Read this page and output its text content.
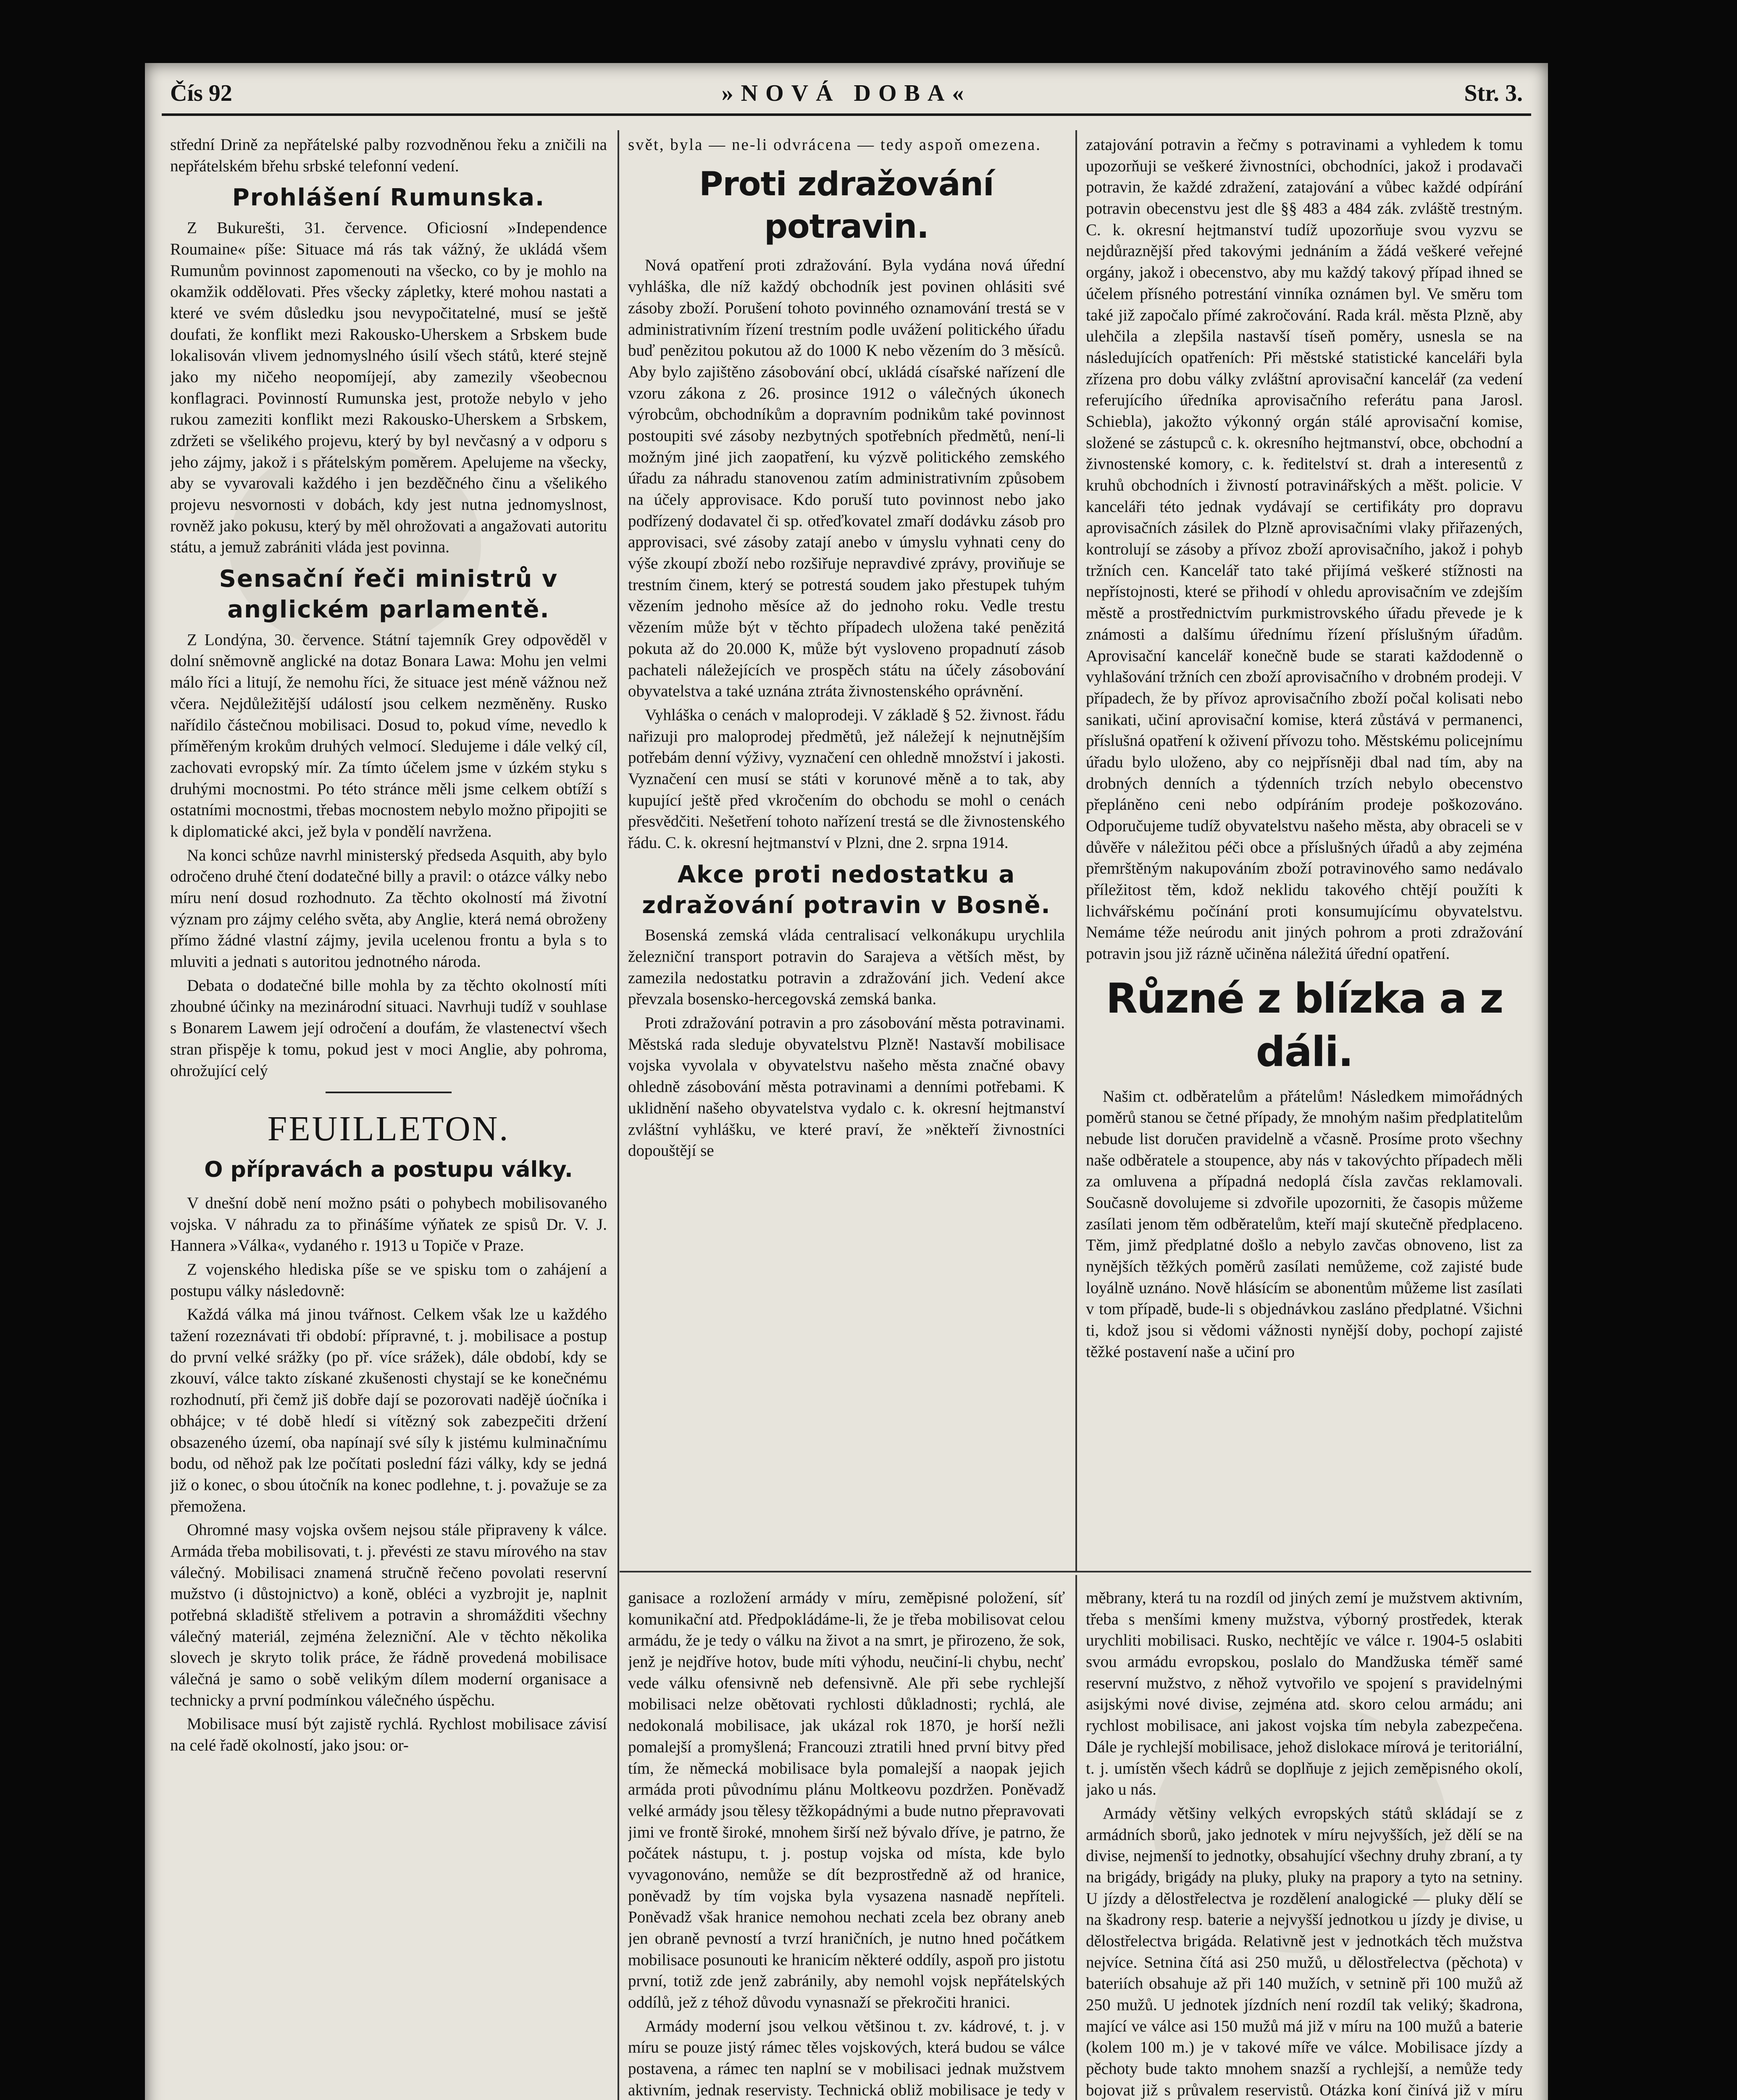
Čís 92	»NOVÁ DOBA«	Str. 3.

střední Drině za nepřátelské palby rozvodněnou řeku a zničili na nepřátelském břehu srbské telefonní vedení.

Prohlášení Rumunska.

Z Bukurešti, 31. července. Oficiosní »Independence Roumaine« píše: Situace má rás tak vážný, že ukládá všem Rumunům povinnost zapomenouti na všecko, co by je mohlo na okamžik oddělovati. Přes všecky zápletky, které mohou nastati a které ve svém důsledku jsou nevypočitatelné, musí se ještě doufati, že konflikt mezi Rakousko-Uherskem a Srbskem bude lokalisován vlivem jednomyslného úsilí všech států, které stejně jako my ničeho neopomíjejí, aby zamezily všeobecnou konflagraci. Povinností Rumunska jest, protože nebylo v jeho rukou zameziti konflikt mezi Rakousko-Uherskem a Srbskem, zdržeti se všelikého projevu, který by byl nevčasný a v odporu s jeho zájmy, jakož i s přátelským poměrem. Apelujeme na všecky, aby se vyvarovali každého i jen bezděčného činu a všelikého projevu nesvornosti v dobách, kdy jest nutna jednomyslnost, rovněž jako pokusu, který by měl ohrožovati a angažovati autoritu státu, a jemuž zabrániti vláda jest povinna.

Sensační řeči ministrů v anglickém parlamentě.

Z Londýna, 30. července. Státní tajemník Grey odpověděl v dolní sněmovně anglické na dotaz Bonara Lawa: Mohu jen velmi málo říci a litují, že nemohu říci, že situace jest méně vážnou než včera. Nejdůležitější událostí jsou celkem nezměněny. Rusko nařídilo částečnou mobilisaci. Dosud to, pokud víme, nevedlo k příměřeným krokům druhých velmocí. Sledujeme i dále velký cíl, zachovati evropský mír. Za tímto účelem jsme v úzkém styku s druhými mocnostmi. Po této stránce měli jsme celkem obtíží s ostatními mocnostmi, třebas mocnostem nebylo možno připojiti se k diplomatické akci, jež byla v pondělí navržena.

Na konci schůze navrhl ministerský předseda Asquith, aby bylo odročeno druhé čtení dodatečné billy a pravil: o otázce války nebo míru není dosud rozhodnuto. Za těchto okolností má životní význam pro zájmy celého světa, aby Anglie, která nemá obroženy přímo žádné vlastní zájmy, jevila ucelenou frontu a byla s to mluviti a jednati s autoritou jednotného národa.

Debata o dodatečné bille mohla by za těchto okolností míti zhoubné účinky na mezinárodní situaci. Navrhuji tudíž v souhlase s Bonarem Lawem její odročení a doufám, že vlastenectví všech stran přispěje k tomu, pokud jest v moci Anglie, aby pohroma, ohrožující celý

FEUILLETON.
O přípravách a postupu války.

V dnešní době není možno psáti o pohybech mobilisovaného vojska. V náhradu za to přinášíme výňatek ze spisů Dr. V. J. Hannera »Válka«, vydaného r. 1913 u Topiče v Praze.

Z vojenského hlediska píše se ve spisku tom o zahájení a postupu války následovně:

Každá válka má jinou tvářnost. Celkem však lze u každého tažení rozeznávati tři období: přípravné, t. j. mobilisace a postup do první velké srážky (po př. více srážek), dále období, kdy se zkouví, válce takto získané zkušenosti chystají se ke konečnému rozhodnutí, při čemž jiš dobře dají se pozorovati nadějě úočníka i obhájce; v té době hledí si vítězný sok zabezpečiti držení obsazeného území, oba napínají své síly k jistému kulminačnímu bodu, od něhož pak lze počítati poslední fázi války, kdy se jedná již o konec, o sbou útočník na konec podlehne, t. j. považuje se za přemožena.

Ohromné masy vojska ovšem nejsou stále připraveny k válce. Armáda třeba mobilisovati, t. j. převésti ze stavu mírového na stav válečný. Mobilisaci znamená stručně řečeno povolati reservní mužstvo (i důstojnictvo) a koně, obléci a vyzbrojit je, naplnit potřebná skladiště střelivem a potravin a shromážditi všechny válečný materiál, zejména železniční. Ale v těchto několika slovech je skryto tolik práce, že řádně provedená mobilisace válečná je samo o sobě velikým dílem moderní organisace a technicky a první podmínkou válečného úspěchu.

Mobilisace musí být zajistě rychlá. Rychlost mobilisace závisí na celé řadě okolností, jako jsou: or-

svět, byla — ne-li odvrácena — tedy aspoň omezena.

Proti zdražování potravin.

Nová opatření proti zdražování. Byla vydána nová úřední vyhláška, dle níž každý obchodník jest povinen ohlásiti své zásoby zboží. Porušení tohoto povinného oznamování trestá se v administrativním řízení trestním podle uvážení politického úřadu buď penězitou pokutou až do 1000 K nebo vězením do 3 měsíců. Aby bylo zajištěno zásobování obcí, ukládá císařské nařízení dle vzoru zákona z 26. prosince 1912 o válečných úkonech výrobcům, obchodníkům a dopravním podnikům také povinnost postoupiti své zásoby nezbytných spotřebních předmětů, není-li možným jiné jich zaopatření, ku výzvě politického zemského úřadu za náhradu stanovenou zatím administrativním způsobem na účely approvisace. Kdo poruší tuto povinnost nebo jako podřízený dodavatel či sp. otřeďkovatel zmaří dodávku zásob pro approvisaci, své zásoby zatají anebo v úmyslu vyhnati ceny do výše zkoupí zboží nebo rozšiřuje nepravdivé zprávy, proviňuje se trestním činem, který se potrestá soudem jako přestupek tuhým vězením jednoho měsíce až do jednoho roku. Vedle trestu vězením může být v těchto případech uložena také penězitá pokuta až do 20.000 K, může být vysloveno propadnutí zásob pachateli náležejících ve prospěch státu na účely zásobování obyvatelstva a také uznána ztráta živnostenského oprávnění.

Vyhláška o cenách v maloprodeji. V základě § 52. živnost. řádu nařizuji pro maloprodej předmětů, jež náležejí k nejnutnějším potřebám denní výživy, vyznačení cen ohledně množství i jakosti. Vyznačení cen musí se státi v korunové měně a to tak, aby kupující ještě před vkročením do obchodu se mohl o cenách přesvědčiti. Nešetření tohoto nařízení trestá se dle živnostenského řádu. C. k. okresní hejtmanství v Plzni, dne 2. srpna 1914.

Akce proti nedostatku a zdražování potravin v Bosně.

Bosenská zemská vláda centralisací velkonákupu urychlila železniční transport potravin do Sarajeva a větších měst, by zamezila nedostatku potravin a zdražování jich. Vedení akce převzala bosensko-hercegovská zemská banka.

Proti zdražování potravin a pro zásobování města potravinami. Městská rada sleduje obyvatelstvu Plzně! Nastavší mobilisace vojska vyvolala v obyvatelstvu našeho města značné obavy ohledně zásobování města potravinami a denními potřebami. K uklidnění našeho obyvatelstva vydalo c. k. okresní hejtmanství zvláštní vyhlášku, ve které praví, že »někteří živnostníci dopouštějí se

ganisace a rozložení armády v míru, zeměpisné položení, síť komunikační atd. Předpokládáme-li, že je třeba mobilisovat celou armádu, že je tedy o válku na život a na smrt, je přirozeno, že sok, jenž je nejdříve hotov, bude míti výhodu, neučiní-li chybu, nechť vede válku ofensivně neb defensivně. Ale při sebe rychlejší mobilisaci nelze obětovati rychlosti důkladnosti; rychlá, ale nedokonalá mobilisace, jak ukázal rok 1870, je horší nežli pomalejší a promyšlená; Francouzi ztratili hned první bitvy před tím, že německá mobilisace byla pomalejší a naopak jejich armáda proti původnímu plánu Moltkeovu pozdržen. Poněvadž velké armády jsou tělesy těžkopádnými a bude nutno přepravovati jimi ve frontě široké, mnohem širší než bývalo dříve, je patrno, že počátek nástupu, t. j. postup vojska od místa, kde bylo vyvagonováno, nemůže se dít bezprostředně až od hranice, poněvadž by tím vojska byla vysazena nasnadě nepříteli. Poněvadž však hranice nemohou nechati zcela bez obrany aneb jen obraně pevností a tvrzí hraničních, je nutno hned počátkem mobilisace posunouti ke hranicím některé oddíly, aspoň pro jistotu první, totiž zde jenž zabránily, aby nemohl vojsk nepřátelských oddílů, jež z téhož důvodu vynasnaží se překročiti hranici.

Armády moderní jsou velkou většinou t. zv. kádrové, t. j. v míru se pouze jistý rámec těles vojskových, která budou se válce postavena, a rámec ten naplní se v mobilisaci jednak mužstvem aktivním, jednak reservisty. Technická obliž mobilisace je tedy v

zatajování potravin a řečmy s potravinami a vyhledem k tomu upozorňuji se veškeré živnostníci, obchodníci, jakož i prodavači potravin, že každé zdražení, zatajování a vůbec každé odpírání potravin obecenstvu jest dle §§ 483 a 484 zák. zvláště trestným. C. k. okresní hejtmanství tudíž upozorňuje svou vyzvu se nejdůraznější před takovými jednáním a žádá veškeré veřejné orgány, jakož i obecenstvo, aby mu každý takový případ ihned se účelem přísného potrestání vinníka oznámen byl. Ve směru tom také již započalo přímé zakročování. Rada král. města Plzně, aby ulehčila a zlepšila nastavší tíseň poměry, usnesla se na následujících opatřeních: Při městské statistické kanceláři byla zřízena pro dobu války zvláštní aprovisační kancelář (za vedení referujícího úředníka aprovisačního referátu pana Jarosl. Schiebla), jakožto výkonný orgán stálé aprovisační komise, složené se zástupců c. k. okresního hejtmanství, obce, obchodní a živnostenské komory, c. k. ředitelství st. drah a interesentů z kruhů obchodních i živností potravinářských a měšt. policie. V kanceláři této jednak vydávají se certifikáty pro dopravu aprovisačních zásilek do Plzně aprovisačními vlaky přiřazených, kontrolují se zásoby a přívoz zboží aprovisačního, jakož i pohyb tržních cen. Kancelář tato také přijímá veškeré stížnosti na nepřístojnosti, které se přihodí v ohledu aprovisačním ve zdejším městě a prostřednictvím purkmistrovského úřadu převede je k známosti a dalšímu úřednímu řízení příslušným úřadům. Aprovisační kancelář konečně bude se starati každodenně o vyhlašování tržních cen zboží aprovisačního v drobném prodeji. V případech, že by přívoz aprovisačního zboží počal kolisati nebo sanikati, učiní aprovisační komise, která zůstává v permanenci, příslušná opatření k oživení přívozu toho. Městskému policejnímu úřadu bylo uloženo, aby co nejpřísněji dbal nad tím, aby na drobných denních a týdenních trzích nebylo obecenstvo přepláněno ceni nebo odpíráním prodeje poškozováno. Odporučujeme tudíž obyvatelstvu našeho města, aby obraceli se v důvěře v náležitou péči obce a příslušných úřadů a aby zejména přemrštěným nakupováním zboží potravinového samo nedávalo příležitost těm, kdož neklidu takového chtějí použíti k lichvářskému počínání proti konsumujícímu obyvatelstvu. Nemáme téže neúrodu anit jiných pohrom a proti zdražování potravin jsou již rázně učiněna náležitá úřední opatření.

Různé z blízka a z dáli.

Našim ct. odběratelům a přátelům! Následkem mimořádných poměrů stanou se četné případy, že mnohým našim předplatitelům nebude list doručen pravidelně a včasně. Prosíme proto všechny naše odběratele a stoupence, aby nás v takovýchto případech měli za omluvena a případná nedoplá čísla zavčas reklamovali. Současně dovolujeme si zdvořile upozorniti, že časopis můžeme zasílati jenom těm odběratelům, kteří mají skutečně předplaceno. Těm, jimž předplatné došlo a nebylo zavčas obnoveno, list za nynějších těžkých poměrů zasílati nemůžeme, což zajisté bude loyálně uznáno. Nově hlásícím se abonentům můžeme list zasílati v tom případě, bude-li s objednávkou zasláno předplatné. Všichni ti, kdož jsou si vědomi vážnosti nynější doby, pochopí zajisté těžké postavení naše a učiní pro

měbrany, která tu na rozdíl od jiných zemí je mužstvem aktivním, třeba s menšími kmeny mužstva, výborný prostředek, kterak urychliti mobilisaci. Rusko, nechtějíc ve válce r. 1904-5 oslabiti svou armádu evropskou, poslalo do Mandžuska téměř samé reservní mužstvo, z něhož vytvořilo ve spojení s pravidelnými asijskými nové divise, zejména atd. skoro celou armádu; ani rychlost mobilisace, ani jakost vojska tím nebyla zabezpečena. Dále je rychlejší mobilisace, jehož dislokace mírová je teritoriální, t. j. umístěn všech kádrů se doplňuje z jejich zeměpisného okolí, jako u nás.

Armády většiny velkých evropských států skládají se z armádních sborů, jako jednotek v míru nejvyšších, jež dělí se na divise, nejmenší to jednotky, obsahující všechny druhy zbraní, a ty na brigády, brigády na pluky, pluky na prapory a tyto na setniny. U jízdy a dělostřelectva je rozdělení analogické — pluky dělí se na škadrony resp. baterie a nejvyšší jednotkou u jízdy je divise, u dělostřelectva brigáda. Relativně jest v jednotkách těch mužstva nejvíce. Setnina čítá asi 250 mužů, u dělostřelectva (pěchota) v bateriích obsahuje až při 140 mužích, v setnině při 100 mužů až 250 mužů. U jednotek jízdních není rozdíl tak veliký; škadrona, mající ve válce asi 150 mužů má již v míru na 100 mužů a baterie (kolem 100 m.) je v takové míře ve válce. Mobilisace jízdy a pěchoty bude takto mnohem snazší a rychlejší, a nemůže tedy bojovat již s průvalem reservistů. Otázka koní činívá již v míru
